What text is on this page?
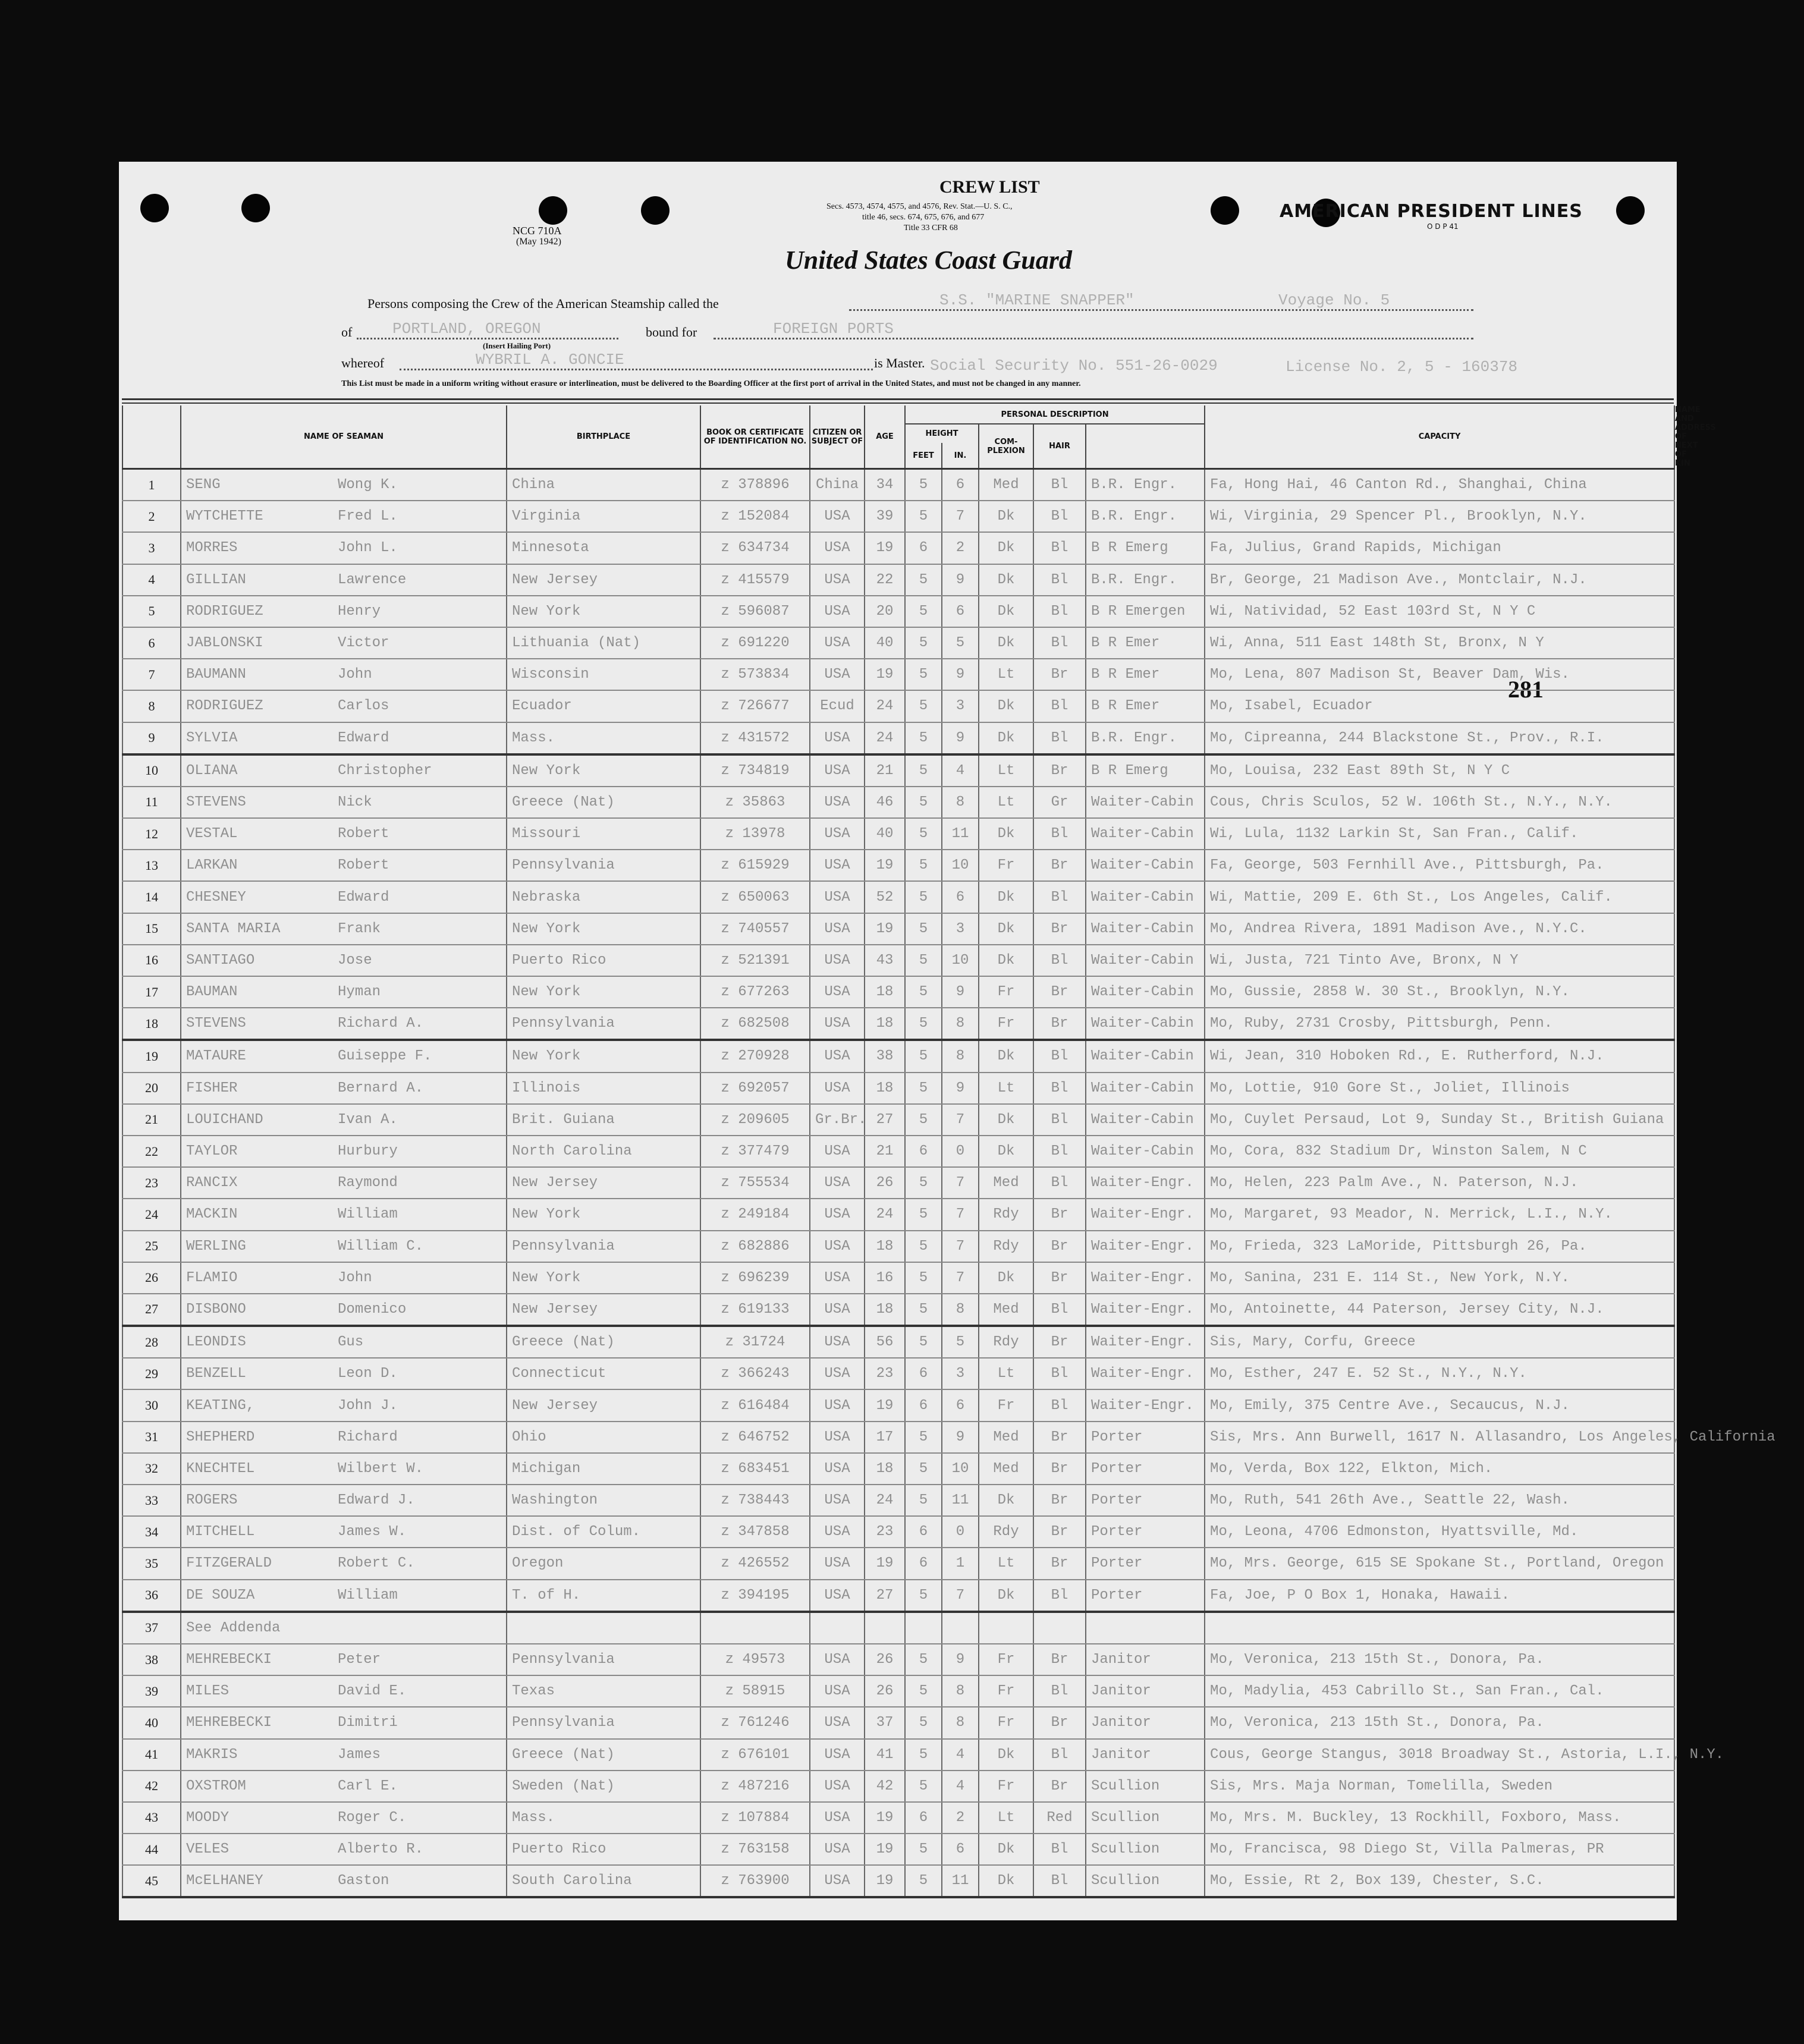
NCG 710A
(May 1942)
CREW LIST
Secs. 4573, 4574, 4575, and 4576, Rev. Stat.—U. S. C.,
title 46, secs. 674, 675, 676, and 677
Title 33 CFR 68
AMERICAN PRESIDENT LINES
O D P 41
United States Coast Guard
281
Persons composing the Crew of the American Steamship called the	S.S. "MARINE SNAPPER"	Voyage No. 5
of	PORTLAND, OREGON
(Insert Hailing Port)
bound for	FOREIGN PORTS
whereof	WYBRIL A. GONCIE	is Master. Social Security No. 551-26-0029	License No. 2, 5 - 160378
This List must be made in a uniform writing without erasure or interlineation, must be delivered to the Boarding Officer at the first port of arrival in the United States, and must not be changed in any manner.
	NAME OF SEAMAN	BIRTHPLACE	BOOK OR CERTIFICATE OF IDENTIFICATION NO.	CITIZEN OR SUBJECT OF	AGE	PERSONAL DESCRIPTION					CAPACITY	NAME AND ADDRESS OF NEXT OF KIN
						HEIGHT		COM-PLEXION	HAIR			
						FEET	IN.					
1	SENG Wong K.	China	z 378896	China	34	5	6	Med	Bl	B.R. Engr.	Fa, Hong Hai, 46 Canton Rd., Shanghai, China	
2	WYTCHETTE Fred L.	Virginia	z 152084	USA	39	5	7	Dk	Bl	B.R. Engr.	Wi, Virginia, 29 Spencer Pl., Brooklyn, N.Y.	
3	MORRES John L.	Minnesota	z 634734	USA	19	6	2	Dk	Bl	B R Emerg	Fa, Julius, Grand Rapids, Michigan	
4	GILLIAN Lawrence	New Jersey	z 415579	USA	22	5	9	Dk	Bl	B.R. Engr.	Br, George, 21 Madison Ave., Montclair, N.J.	
5	RODRIGUEZ Henry	New York	z 596087	USA	20	5	6	Dk	Bl	B R Emergen	Wi, Natividad, 52 East 103rd St, N Y C	
6	JABLONSKI Victor	Lithuania (Nat)	z 691220	USA	40	5	5	Dk	Bl	B R Emer	Wi, Anna, 511 East 148th St, Bronx, N Y	
7	BAUMANN John	Wisconsin	z 573834	USA	19	5	9	Lt	Br	B R Emer	Mo, Lena, 807 Madison St, Beaver Dam, Wis.	
8	RODRIGUEZ Carlos	Ecuador	z 726677	Ecud	24	5	3	Dk	Bl	B R Emer	Mo, Isabel, Ecuador	
9	SYLVIA Edward	Mass.	z 431572	USA	24	5	9	Dk	Bl	B.R. Engr.	Mo, Cipreanna, 244 Blackstone St., Prov., R.I.	
10	OLIANA Christopher	New York	z 734819	USA	21	5	4	Lt	Br	B R Emerg	Mo, Louisa, 232 East 89th St, N Y C	
11	STEVENS Nick	Greece (Nat)	z 35863	USA	46	5	8	Lt	Gr	Waiter-Cabin	Cous, Chris Sculos, 52 W. 106th St., N.Y., N.Y.	
12	VESTAL Robert	Missouri	z 13978	USA	40	5	11	Dk	Bl	Waiter-Cabin	Wi, Lula, 1132 Larkin St, San Fran., Calif.	
13	LARKAN Robert	Pennsylvania	z 615929	USA	19	5	10	Fr	Br	Waiter-Cabin	Fa, George, 503 Fernhill Ave., Pittsburgh, Pa.	
14	CHESNEY Edward	Nebraska	z 650063	USA	52	5	6	Dk	Bl	Waiter-Cabin	Wi, Mattie, 209 E. 6th St., Los Angeles, Calif.	
15	SANTA MARIA Frank	New York	z 740557	USA	19	5	3	Dk	Br	Waiter-Cabin	Mo, Andrea Rivera, 1891 Madison Ave., N.Y.C.	
16	SANTIAGO Jose	Puerto Rico	z 521391	USA	43	5	10	Dk	Bl	Waiter-Cabin	Wi, Justa, 721 Tinto Ave, Bronx, N Y	
17	BAUMAN Hyman	New York	z 677263	USA	18	5	9	Fr	Br	Waiter-Cabin	Mo, Gussie, 2858 W. 30 St., Brooklyn, N.Y.	
18	STEVENS Richard A.	Pennsylvania	z 682508	USA	18	5	8	Fr	Br	Waiter-Cabin	Mo, Ruby, 2731 Crosby, Pittsburgh, Penn.	
19	MATAURE Guiseppe F.	New York	z 270928	USA	38	5	8	Dk	Bl	Waiter-Cabin	Wi, Jean, 310 Hoboken Rd., E. Rutherford, N.J.	
20	FISHER Bernard A.	Illinois	z 692057	USA	18	5	9	Lt	Bl	Waiter-Cabin	Mo, Lottie, 910 Gore St., Joliet, Illinois	
21	LOUICHAND Ivan A.	Brit. Guiana	z 209605	Gr.Br.	27	5	7	Dk	Bl	Waiter-Cabin	Mo, Cuylet Persaud, Lot 9, Sunday St., British Guiana	
22	TAYLOR Hurbury	North Carolina	z 377479	USA	21	6	0	Dk	Bl	Waiter-Cabin	Mo, Cora, 832 Stadium Dr, Winston Salem, N C	
23	RANCIX Raymond	New Jersey	z 755534	USA	26	5	7	Med	Bl	Waiter-Engr.	Mo, Helen, 223 Palm Ave., N. Paterson, N.J.	
24	MACKIN William	New York	z 249184	USA	24	5	7	Rdy	Br	Waiter-Engr.	Mo, Margaret, 93 Meador, N. Merrick, L.I., N.Y.	
25	WERLING William C.	Pennsylvania	z 682886	USA	18	5	7	Rdy	Br	Waiter-Engr.	Mo, Frieda, 323 LaMoride, Pittsburgh 26, Pa.	
26	FLAMIO John	New York	z 696239	USA	16	5	7	Dk	Br	Waiter-Engr.	Mo, Sanina, 231 E. 114 St., New York, N.Y.	
27	DISBONO Domenico	New Jersey	z 619133	USA	18	5	8	Med	Bl	Waiter-Engr.	Mo, Antoinette, 44 Paterson, Jersey City, N.J.	
28	LEONDIS Gus	Greece (Nat)	z 31724	USA	56	5	5	Rdy	Br	Waiter-Engr.	Sis, Mary, Corfu, Greece	
29	BENZELL Leon D.	Connecticut	z 366243	USA	23	6	3	Lt	Bl	Waiter-Engr.	Mo, Esther, 247 E. 52 St., N.Y., N.Y.	
30	KEATING, John J.	New Jersey	z 616484	USA	19	6	6	Fr	Bl	Waiter-Engr.	Mo, Emily, 375 Centre Ave., Secaucus, N.J.	
31	SHEPHERD Richard	Ohio	z 646752	USA	17	5	9	Med	Br	Porter	Sis, Mrs. Ann Burwell, 1617 N. Allasandro, Los Angeles, California	
32	KNECHTEL Wilbert W.	Michigan	z 683451	USA	18	5	10	Med	Br	Porter	Mo, Verda, Box 122, Elkton, Mich.	
33	ROGERS Edward J.	Washington	z 738443	USA	24	5	11	Dk	Br	Porter	Mo, Ruth, 541 26th Ave., Seattle 22, Wash.	
34	MITCHELL James W.	Dist. of Colum.	z 347858	USA	23	6	0	Rdy	Br	Porter	Mo, Leona, 4706 Edmonston, Hyattsville, Md.	
35	FITZGERALD Robert C.	Oregon	z 426552	USA	19	6	1	Lt	Br	Porter	Mo, Mrs. George, 615 SE Spokane St., Portland, Oregon	
36	DE SOUZA William	T. of H.	z 394195	USA	27	5	7	Dk	Bl	Porter	Fa, Joe, P O Box 1, Honaka, Hawaii.	
37	See Addenda											
38	MEHREBECKI Peter	Pennsylvania	z 49573	USA	26	5	9	Fr	Br	Janitor	Mo, Veronica, 213 15th St., Donora, Pa.	
39	MILES David E.	Texas	z 58915	USA	26	5	8	Fr	Bl	Janitor	Mo, Madylia, 453 Cabrillo St., San Fran., Cal.	
40	MEHREBECKI Dimitri	Pennsylvania	z 761246	USA	37	5	8	Fr	Br	Janitor	Mo, Veronica, 213 15th St., Donora, Pa.	
41	MAKRIS James	Greece (Nat)	z 676101	USA	41	5	4	Dk	Bl	Janitor	Cous, George Stangus, 3018 Broadway St., Astoria, L.I., N.Y.	
42	OXSTROM Carl E.	Sweden (Nat)	z 487216	USA	42	5	4	Fr	Br	Scullion	Sis, Mrs. Maja Norman, Tomelilla, Sweden	
43	MOODY Roger C.	Mass.	z 107884	USA	19	6	2	Lt	Red	Scullion	Mo, Mrs. M. Buckley, 13 Rockhill, Foxboro, Mass.	
44	VELES Alberto R.	Puerto Rico	z 763158	USA	19	5	6	Dk	Bl	Scullion	Mo, Francisca, 98 Diego St, Villa Palmeras, PR	
45	McELHANEY Gaston	South Carolina	z 763900	USA	19	5	11	Dk	Bl	Scullion	Mo, Essie, Rt 2, Box 139, Chester, S.C.	
